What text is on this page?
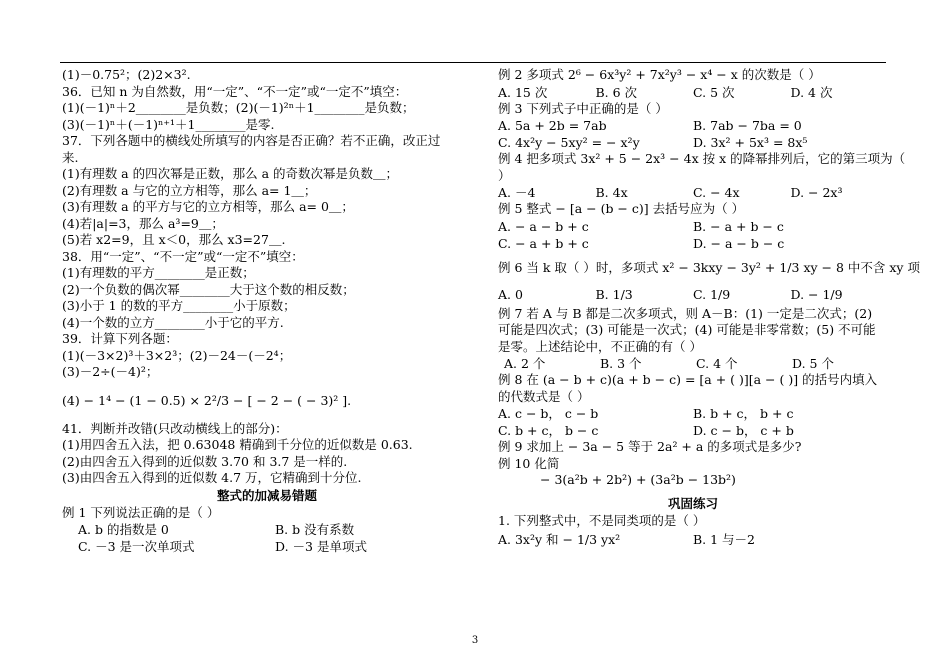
(1)－0.75²；(2)2×3².
36．已知 n 为自然数，用“一定”、“不一定”或“一定不”填空：
(1)(－1)ⁿ＋2________是负数；(2)(－1)²ⁿ＋1________是负数；
(3)(－1)ⁿ＋(－1)ⁿ⁺¹＋1________是零.
37．下列各题中的横线处所填写的内容是否正确？若不正确，改正过
来.
(1)有理数 a 的四次幂是正数，那么 a 的奇数次幂是负数＿；
(2)有理数 a 与它的立方相等，那么 a= 1＿；
(3)有理数 a 的平方与它的立方相等，那么 a= 0＿；
(4)若|a|=3，那么 a³=9＿；
(5)若 x2=9，且 x＜0，那么 x3=27＿.
38．用“一定”、“不一定”或“一定不”填空：
(1)有理数的平方________是正数；
(2)一个负数的偶次幂________大于这个数的相反数；
(3)小于 1 的数的平方________小于原数；
(4)一个数的立方________小于它的平方.
39．计算下列各题：
(1)(－3×2)³＋3×2³；(2)－24－(－2⁴；
(3)－2÷(－4)²；
(4) − 1⁴ − (1 − 0.5) × 2²/3 − [ − 2 − ( − 3)² ].
41．判断并改错(只改动横线上的部分)：
(1)用四舍五入法，把 0.63048 精确到千分位的近似数是 0.63.
(2)由四舍五入得到的近似数 3.70 和 3.7 是一样的.
(3)由四舍五入得到的近似数 4.7 万，它精确到十分位.
整式的加减易错题
例 1 下列说法正确的是（ ）
A. b 的指数是 0	B. b 没有系数
C. －3 是一次单项式	D. －3 是单项式
例 2 多项式 2⁶ − 6x³y² + 7x²y³ − x⁴ − x 的次数是（ ）
A. 15 次	B. 6 次	C. 5 次	D. 4 次
例 3 下列式子中正确的是（ ）
A. 5a + 2b = 7ab	B. 7ab − 7ba = 0
C. 4x²y − 5xy² = − x²y	D. 3x² + 5x³ = 8x⁵
例 4 把多项式 3x² + 5 − 2x³ − 4x 按 x 的降幂排列后，它的第三项为（
）
A. －4	B. 4x	C. − 4x	D. − 2x³
例 5 整式 − [a − (b − c)] 去括号应为（ ）
A. − a − b + c	B. − a + b − c
C. − a + b + c	D. − a − b − c
例 6 当 k 取（ ）时，多项式 x² − 3kxy − 3y² + 1/3 xy − 8 中不含 xy 项
A. 0	B. 1/3	C. 1/9	D. − 1/9
例 7 若 A 与 B 都是二次多项式，则 A－B：(1) 一定是二次式；(2) 可能是四次式；(3) 可能是一次式；(4) 可能是非零常数；(5) 不可能是零。上述结论中，不正确的有（ ）
A. 2 个	B. 3 个	C. 4 个	D. 5 个
例 8 在 (a − b + c)(a + b − c) = [a + ( )][a − ( )] 的括号内填入的代数式是（ ）
A. c − b， c − b	B. b + c， b + c
C. b + c， b − c	D. c − b， c + b
例 9 求加上 − 3a − 5 等于 2a² + a 的多项式是多少?
例 10 化简
− 3(a²b + 2b²) + (3a²b − 13b²)
巩固练习
1. 下列整式中，不是同类项的是（ ）
A. 3x²y 和 − 1/3 yx²	B. 1 与－2
3
